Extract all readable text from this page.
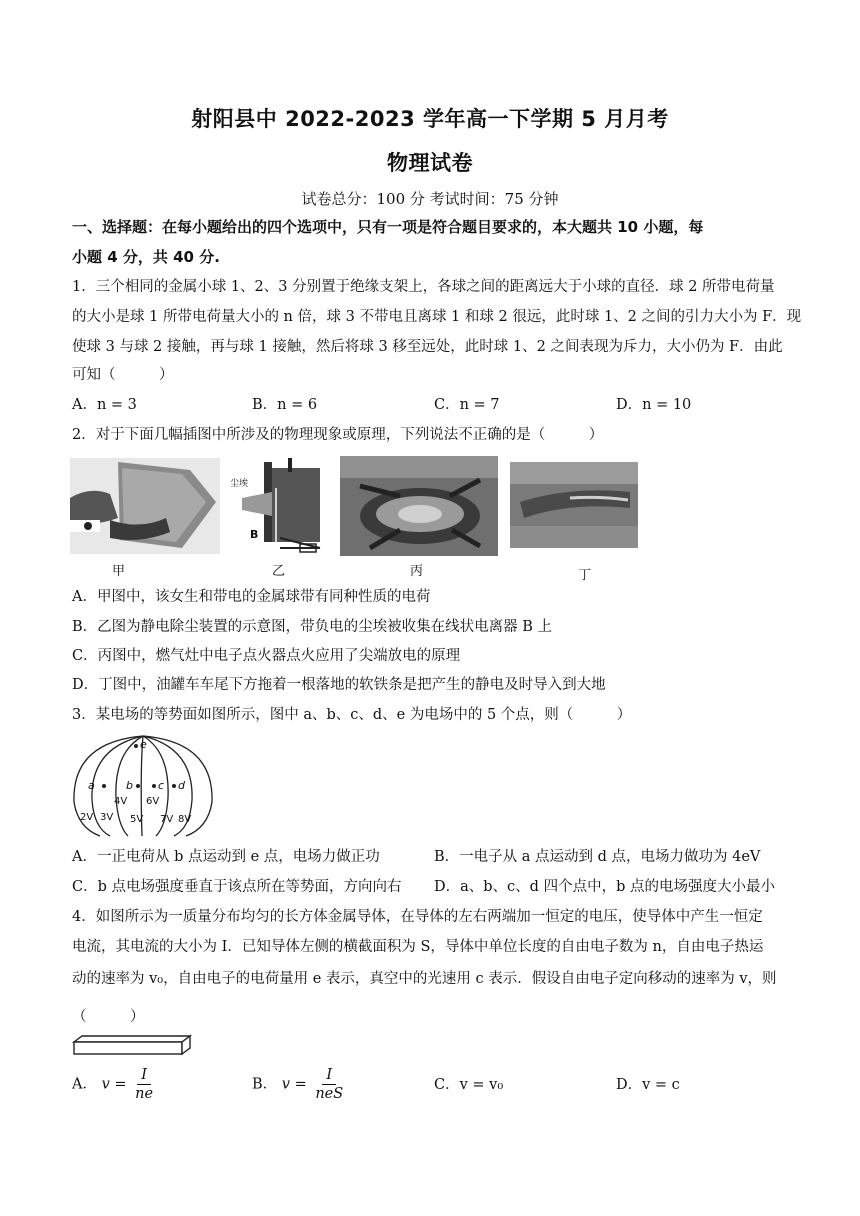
射阳县中 2022-2023 学年高一下学期 5 月月考
物理试卷
试卷总分：100 分 考试时间：75 分钟
一、选择题：在每小题给出的四个选项中，只有一项是符合题目要求的，本大题共 10 小题，每
小题 4 分，共 40 分.
1．三个相同的金属小球 1、2、3 分别置于绝缘支架上，各球之间的距离远大于小球的直径．球 2 所带电荷量
的大小是球 1 所带电荷量大小的 n 倍，球 3 不带电且离球 1 和球 2 很远，此时球 1、2 之间的引力大小为 F．现
使球 3 与球 2 接触，再与球 1 接触，然后将球 3 移至远处，此时球 1、2 之间表现为斥力，大小仍为 F．由此
可知（　　　）
A．n = 3	B．n = 6	C．n = 7	D．n = 10
2．对于下面几幅插图中所涉及的物理现象或原理，下列说法不正确的是（　　　）
甲
尘埃
B
乙	丙	丁
A．甲图中，该女生和带电的金属球带有同种性质的电荷
B．乙图为静电除尘装置的示意图，带负电的尘埃被收集在线状电离器 B 上
C．丙图中，燃气灶中电子点火器点火应用了尖端放电的原理
D．丁图中，油罐车车尾下方拖着一根落地的软铁条是把产生的静电及时导入到大地
3．某电场的等势面如图所示，图中 a、b、c、d、e 为电场中的 5 个点，则（　　　）
a	b c d
e
2V 3V
4V
5V
6V
7V 8V
A．一正电荷从 b 点运动到 e 点，电场力做正功	B．一电子从 a 点运动到 d 点，电场力做功为 4eV
C．b 点电场强度垂直于该点所在等势面，方向向右 D．a、b、c、d 四个点中，b 点的电场强度大小最小
4．如图所示为一质量分布均匀的长方体金属导体，在导体的左右两端加一恒定的电压，使导体中产生一恒定
电流，其电流的大小为 I．已知导体左侧的横截面积为 S，导体中单位长度的自由电子数为 n，自由电子热运
动的速率为 v₀，自由电子的电荷量用 e 表示，真空中的光速用 c 表示．假设自由电子定向移动的速率为 v，则
（　　　）
A． $v = \frac{I}{ne}$	B． $v = \frac{I}{\text{neS}}$	C．v = v₀	D．v = c
